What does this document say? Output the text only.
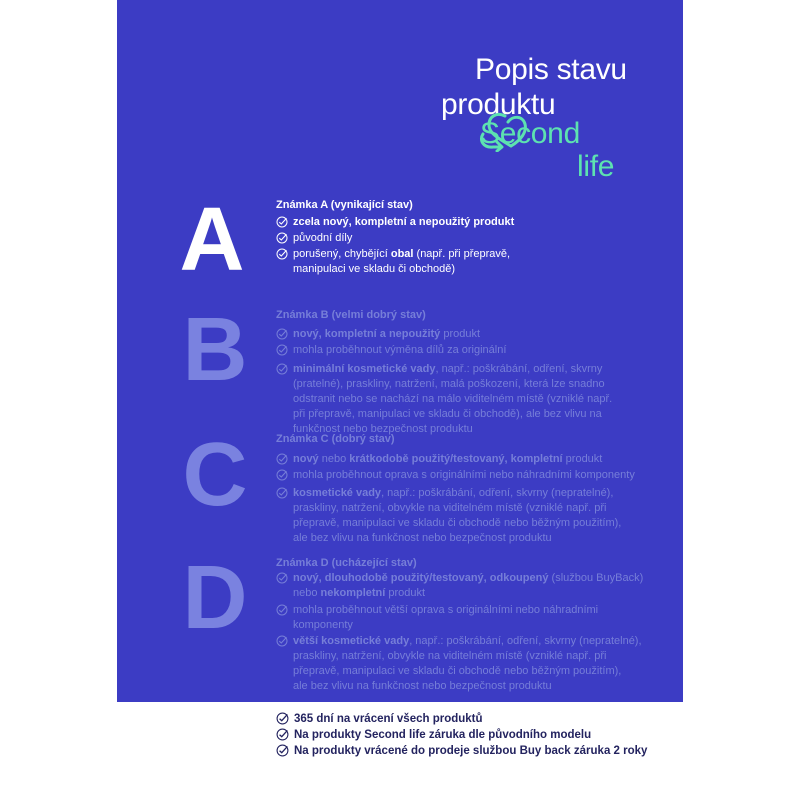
Popis stavu
produktu
Second
life
A
B
C
D
Známka A (vynikající stav)
zcela nový, kompletní a nepoužitý produkt
původní díly
porušený, chybějící obal (např. při přepravě,
manipulaci ve skladu či obchodě)
Známka B (velmi dobrý stav)
nový, kompletní a nepoužitý produkt
mohla proběhnout výměna dílů za originální
minimální kosmetické vady, např.: poškrábání, odření, skvrny
(pratelné), praskliny, natržení, malá poškození, která lze snadno
odstranit nebo se nachází na málo viditelném místě (vzniklé např.
při přepravě, manipulaci ve skladu či obchodě), ale bez vlivu na
funkčnost nebo bezpečnost produktu
Známka C (dobrý stav)
nový nebo krátkodobě použitý/testovaný, kompletní produkt
mohla proběhnout oprava s originálními nebo náhradními komponenty
kosmetické vady, např.: poškrábání, odření, skvrny (nepratelné),
praskliny, natržení, obvykle na viditelném místě (vzniklé např. při
přepravě, manipulaci ve skladu či obchodě nebo běžným použitím),
ale bez vlivu na funkčnost nebo bezpečnost produktu
Známka D (ucházející stav)
nový, dlouhodobě použitý/testovaný, odkoupený (službou BuyBack)
nebo nekompletní produkt
mohla proběhnout větší oprava s originálními nebo náhradními
komponenty
větší kosmetické vady, např.: poškrábání, odření, skvrny (nepratelné),
praskliny, natržení, obvykle na viditelném místě (vzniklé např. při
přepravě, manipulaci ve skladu či obchodě nebo běžným použitím),
ale bez vlivu na funkčnost nebo bezpečnost produktu
365 dní na vrácení všech produktů
Na produkty Second life záruka dle původního modelu
Na produkty vrácené do prodeje službou Buy back záruka 2 roky
